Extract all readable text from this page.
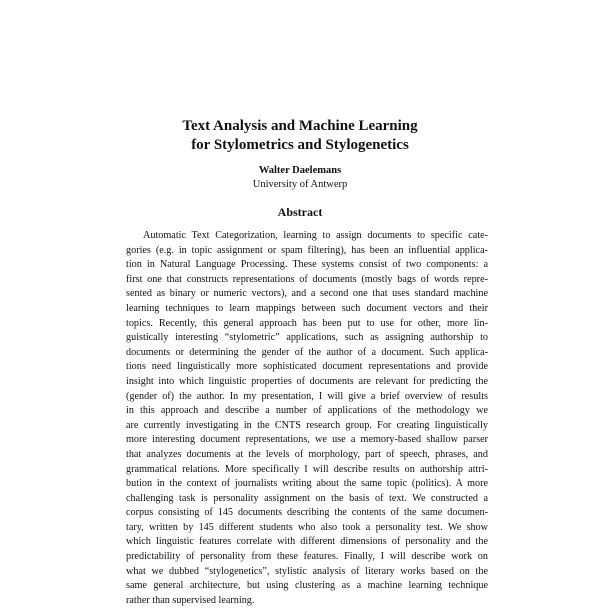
Text Analysis and Machine Learning

for Stylometrics and Stylogenetics

Walter Daelemans

University of Antwerp

Abstract
Automatic Text Categorization, learning to assign documents to specific cate-
gories (e.g. in topic assignment or spam filtering), has been an influential applica-
tion in Natural Language Processing. These systems consist of two components: a
first one that constructs representations of documents (mostly bags of words repre-
sented as binary or numeric vectors), and a second one that uses standard machine
learning techniques to learn mappings between such document vectors and their
topics. Recently, this general approach has been put to use for other, more lin-
guistically interesting “stylometric” applications, such as assigning authorship to
documents or determining the gender of the author of a document. Such applica-
tions need linguistically more sophisticated document representations and provide
insight into which linguistic properties of documents are relevant for predicting the
(gender of) the author. In my presentation, I will give a brief overview of results
in this approach and describe a number of applications of the methodology we
are currently investigating in the CNTS research group. For creating linguistically
more interesting document representations, we use a memory-based shallow parser
that analyzes documents at the levels of morphology, part of speech, phrases, and
grammatical relations. More specifically I will describe results on authorship attri-
bution in the context of journalists writing about the same topic (politics). A more
challenging task is personality assignment on the basis of text. We constructed a
corpus consisting of 145 documents describing the contents of the same documen-
tary, written by 145 different students who also took a personality test. We show
which linguistic features correlate with different dimensions of personality and the
predictability of personality from these features. Finally, I will describe work on
what we dubbed “stylogenetics”, stylistic analysis of literary works based on the
same general architecture, but using clustering as a machine learning technique
rather than supervised learning.
